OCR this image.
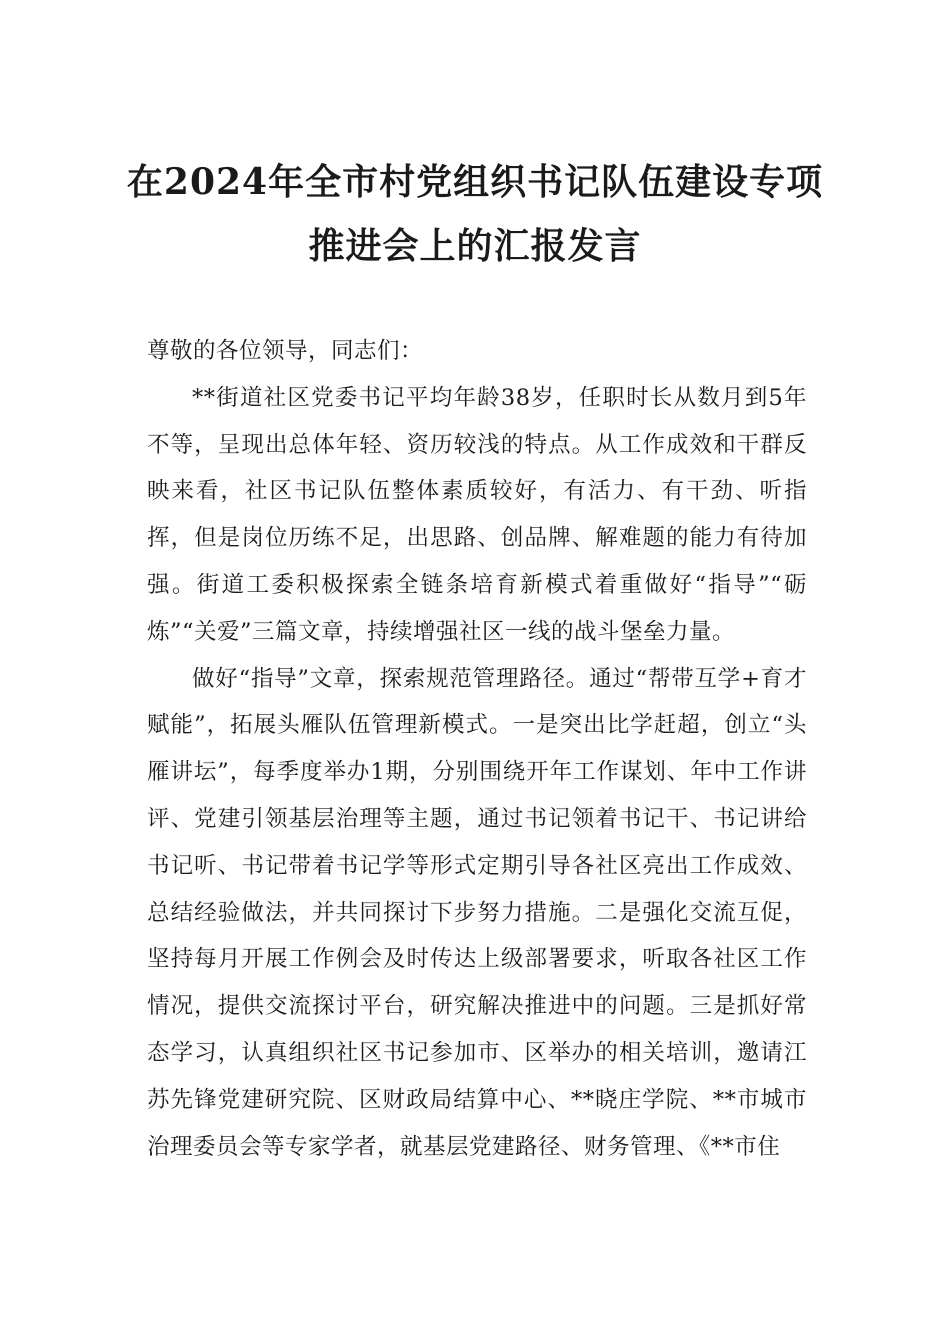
在2024年全市村党组织书记队伍建设专项
推进会上的汇报发言

尊敬的各位领导，同志们：

**街道社区党委书记平均年龄38岁，任职时长从数月到5年不等，呈现出总体年轻、资历较浅的特点。从工作成效和干群反映来看，社区书记队伍整体素质较好，有活力、有干劲、听指挥，但是岗位历练不足，出思路、创品牌、解难题的能力有待加强。街道工委积极探索全链条培育新模式着重做好“指导”“砺炼”“关爱”三篇文章，持续增强社区一线的战斗堡垒力量。

做好“指导”文章，探索规范管理路径。通过“帮带互学+育才赋能”，拓展头雁队伍管理新模式。一是突出比学赶超，创立“头雁讲坛”，每季度举办1期，分别围绕开年工作谋划、年中工作讲评、党建引领基层治理等主题，通过书记领着书记干、书记讲给书记听、书记带着书记学等形式定期引导各社区亮出工作成效、总结经验做法，并共同探讨下步努力措施。二是强化交流互促，坚持每月开展工作例会及时传达上级部署要求，听取各社区工作情况，提供交流探讨平台，研究解决推进中的问题。三是抓好常态学习，认真组织社区书记参加市、区举办的相关培训，邀请江苏先锋党建研究院、区财政局结算中心、**晓庄学院、**市城市治理委员会等专家学者，就基层党建路径、财务管理、《**市住
